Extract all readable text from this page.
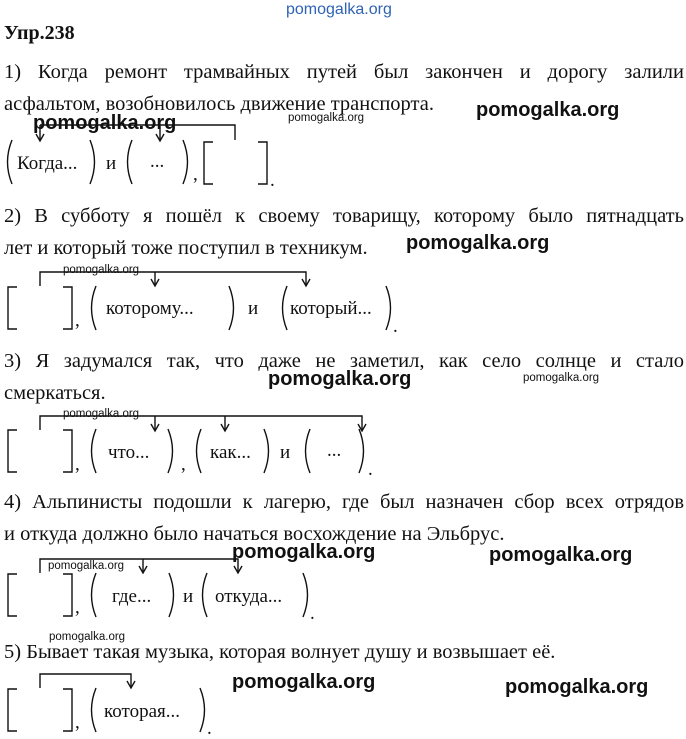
pomogalka.org
Упр.238
1) Когда ремонт трамвайных путей был закончен и дорогу залили
асфальтом, возобновилось движение транспорта.
2) В субботу я пошёл к своему товарищу, которому было пятнадцать
лет и который тоже поступил в техникум.
3) Я задумался так, что даже не заметил, как село солнце и стало
смеркаться.
4) Альпинисты подошли к лагерю, где был назначен сбор всех отрядов
и откуда должно было начаться восхождение на Эльбрус.
5) Бывает такая музыка, которая волнует душу и возвышает её.
Когда... и ...
,	.
,
которому...	и который...
.
,
что...
,
как... и ...
.
,
где... и откуда...
.
,
которая...
.
pomogalka.org
pomogalka.org	pomogalka.org
pomogalka.org
pomogalka.org
pomogalka.org	pomogalka.org
pomogalka.org
pomogalka.org	pomogalka.org
pomogalka.org
pomogalka.org
pomogalka.org	pomogalka.org
